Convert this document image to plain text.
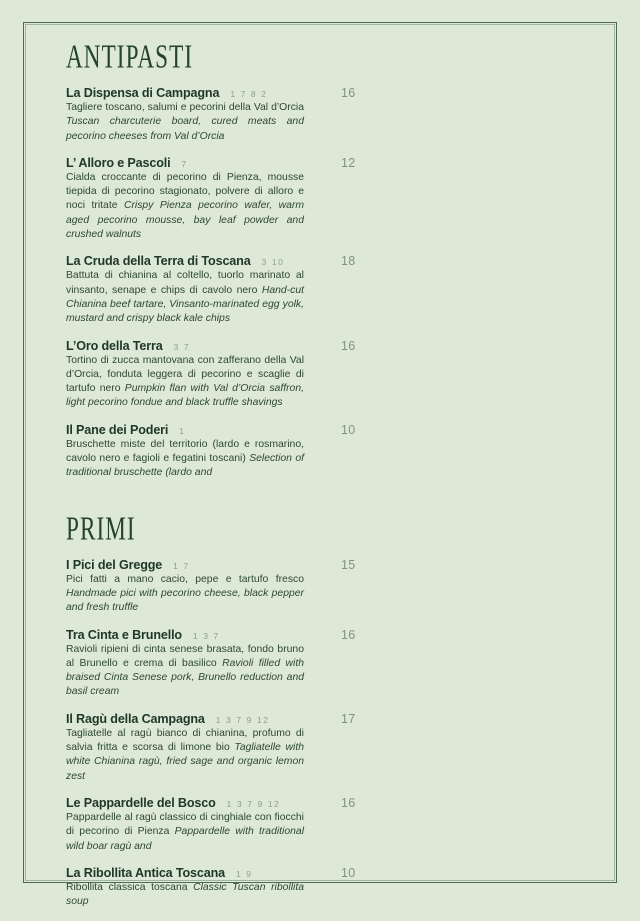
ANTIPASTI
La Dispensa di Campagna 1 7 8 2	16
Tagliere toscano, salumi e pecorini della Val d’Orcia Tuscan charcuterie board, cured meats and pecorino cheeses from Val d’Orcia
L’ Alloro e Pascoli 7	12
Cialda croccante di pecorino di Pienza, mousse tiepida di pecorino stagionato, polvere di alloro e noci tritate Crispy Pienza pecorino wafer, warm aged pecorino mousse, bay leaf powder and crushed walnuts
La Cruda della Terra di Toscana 3 10	18
Battuta di chianina al coltello, tuorlo marinato al vinsanto, senape e chips di cavolo nero Hand-cut Chianina beef tartare, Vinsanto-marinated egg yolk, mustard and crispy black kale chips
L’Oro della Terra 3 7	16
Tortino di zucca mantovana con zafferano della Val d’Orcia, fonduta leggera di pecorino e scaglie di tartufo nero Pumpkin flan with Val d’Orcia saffron, light pecorino fondue and black truffle shavings
Il Pane dei Poderi 1	10
Bruschette miste del territorio (lardo e rosmarino, cavolo nero e fagioli e fegatini toscani) Selection of traditional bruschette (lardo and
PRIMI
I Pici del Gregge 1 7	15
Pici fatti a mano cacio, pepe e tartufo fresco Handmade pici with pecorino cheese, black pepper and fresh truffle
Tra Cinta e Brunello 1 3 7	16
Ravioli ripieni di cinta senese brasata, fondo bruno al Brunello e crema di basilico Ravioli filled with braised Cinta Senese pork, Brunello reduction and basil cream
Il Ragù della Campagna 1 3 7 9 12	17
Tagliatelle al ragù bianco di chianina, profumo di salvia fritta e scorsa di limone bio Tagliatelle with white Chianina ragù, fried sage and organic lemon zest
Le Pappardelle del Bosco 1 3 7 9 12	16
Pappardelle al ragù classico di cinghiale con fiocchi di pecorino di Pienza Pappardelle with traditional wild boar ragù and
La Ribollita Antica Toscana 1 9	10
Ribollita classica toscana Classic Tuscan ribollita soup
